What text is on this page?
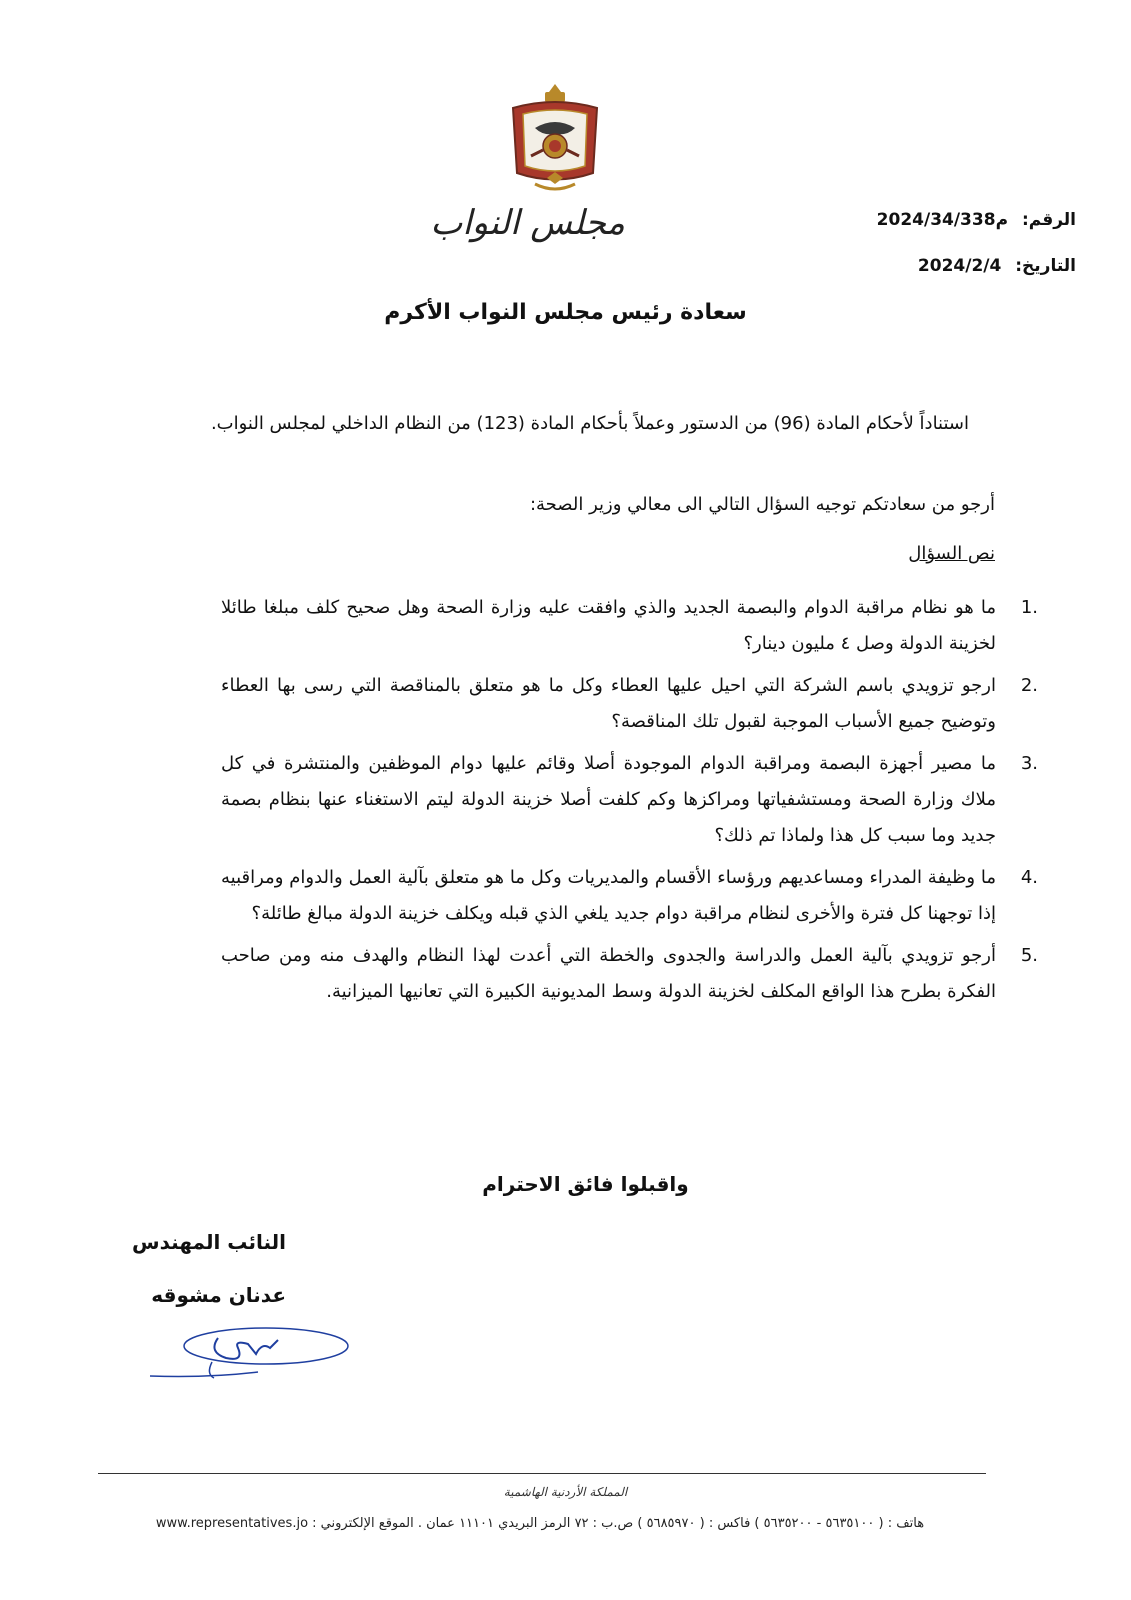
مجلس النواب	الرقم: م2024/34/338
التاريخ: 2024/2/4
سعادة رئيس مجلس النواب الأكرم
استناداً لأحكام المادة (96) من الدستور وعملاً بأحكام المادة (123) من النظام الداخلي لمجلس النواب.
أرجو من سعادتكم توجيه السؤال التالي الى معالي وزير الصحة:
نص السؤال
1.
ما هو نظام مراقبة الدوام والبصمة الجديد والذي وافقت عليه وزارة الصحة وهل صحيح كلف مبلغا طائلا لخزينة الدولة وصل ٤ مليون دينار؟
2.
ارجو تزويدي باسم الشركة التي احيل عليها العطاء وكل ما هو متعلق بالمناقصة التي رسى بها العطاء وتوضيح جميع الأسباب الموجبة لقبول تلك المناقصة؟
3.
ما مصير أجهزة البصمة ومراقبة الدوام الموجودة أصلا وقائم عليها دوام الموظفين والمنتشرة في كل ملاك وزارة الصحة ومستشفياتها ومراكزها وكم كلفت أصلا خزينة الدولة ليتم الاستغناء عنها بنظام بصمة جديد وما سبب كل هذا ولماذا تم ذلك؟
4.
ما وظيفة المدراء ومساعديهم ورؤساء الأقسام والمديريات وكل ما هو متعلق بآلية العمل والدوام ومراقبيه إذا توجهنا كل فترة والأخرى لنظام مراقبة دوام جديد يلغي الذي قبله ويكلف خزينة الدولة مبالغ طائلة؟
5.
أرجو تزويدي بآلية العمل والدراسة والجدوى والخطة التي أعدت لهذا النظام والهدف منه ومن صاحب الفكرة بطرح هذا الواقع المكلف لخزينة الدولة وسط المديونية الكبيرة التي تعانيها الميزانية.
واقبلوا فائق الاحترام
النائب المهندس
عدنان مشوقه
المملكة الأردنية الهاشمية
هاتف : ( ٥٦٣٥١٠٠ - ٥٦٣٥٢٠٠ ) فاكس : ( ٥٦٨٥٩٧٠ ) ص.ب : ٧٢ الرمز البريدي ١١١٠١ عمان . الموقع الإلكتروني : www.representatives.jo
